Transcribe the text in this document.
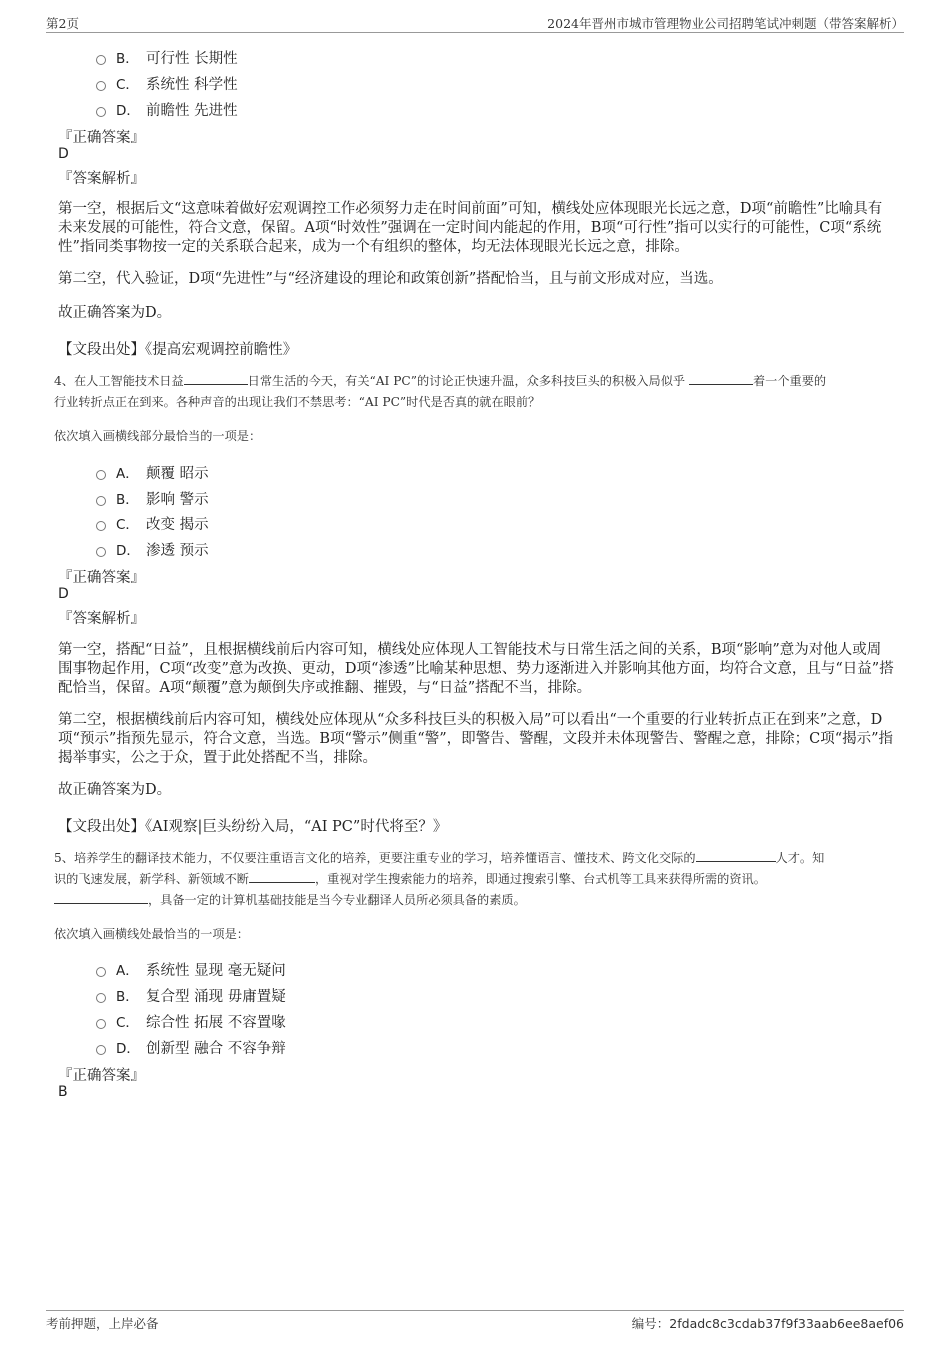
第2页	2024年晋州市城市管理物业公司招聘笔试冲刺题（带答案解析）
B． 可行性 长期性
C． 系统性 科学性
D． 前瞻性 先进性
『正确答案』
D
『答案解析』
第一空，根据后文“这意味着做好宏观调控工作必须努力走在时间前面”可知，横线处应体现眼光长远之意，D项“前瞻性”比喻具有未来发展的可能性，符合文意，保留。A项“时效性”强调在一定时间内能起的作用，B项“可行性”指可以实行的可能性，C项“系统性”指同类事物按一定的关系联合起来，成为一个有组织的整体，均无法体现眼光长远之意，排除。
第二空，代入验证，D项“先进性”与“经济建设的理论和政策创新”搭配恰当，且与前文形成对应，当选。
故正确答案为D。
【文段出处】《提高宏观调控前瞻性》
4、在人工智能技术日益	日常生活的今天，有关“AI PC”的讨论正快速升温，众多科技巨头的积极入局似乎	着一个重要的
行业转折点正在到来。各种声音的出现让我们不禁思考：“AI PC”时代是否真的就在眼前？
依次填入画横线部分最恰当的一项是：
A． 颠覆 昭示
B． 影响 警示
C． 改变 揭示
D． 渗透 预示
『正确答案』
D
『答案解析』
第一空，搭配“日益”，且根据横线前后内容可知，横线处应体现人工智能技术与日常生活之间的关系，B项“影响”意为对他人或周围事物起作用，C项“改变”意为改换、更动，D项“渗透”比喻某种思想、势力逐渐进入并影响其他方面，均符合文意，且与“日益”搭配恰当，保留。A项“颠覆”意为颠倒失序或推翻、摧毁，与“日益”搭配不当，排除。
第二空，根据横线前后内容可知，横线处应体现从“众多科技巨头的积极入局”可以看出“一个重要的行业转折点正在到来”之意，D项“预示”指预先显示，符合文意，当选。B项“警示”侧重“警”，即警告、警醒，文段并未体现警告、警醒之意，排除；C项“揭示”指揭举事实，公之于众，置于此处搭配不当，排除。
故正确答案为D。
【文段出处】《AI观察|巨头纷纷入局，“AI PC”时代将至？》
5、培养学生的翻译技术能力，不仅要注重语言文化的培养，更要注重专业的学习，培养懂语言、懂技术、跨文化交际的	人才。知
识的飞速发展，新学科、新领域不断	，重视对学生搜索能力的培养，即通过搜索引擎、台式机等工具来获得所需的资讯。
，具备一定的计算机基础技能是当今专业翻译人员所必须具备的素质。
依次填入画横线处最恰当的一项是：
A． 系统性 显现 毫无疑问
B． 复合型 涌现 毋庸置疑
C． 综合性 拓展 不容置喙
D． 创新型 融合 不容争辩
『正确答案』
B
考前押题，上岸必备	编号：2fdadc8c3cdab37f9f33aab6ee8aef06
